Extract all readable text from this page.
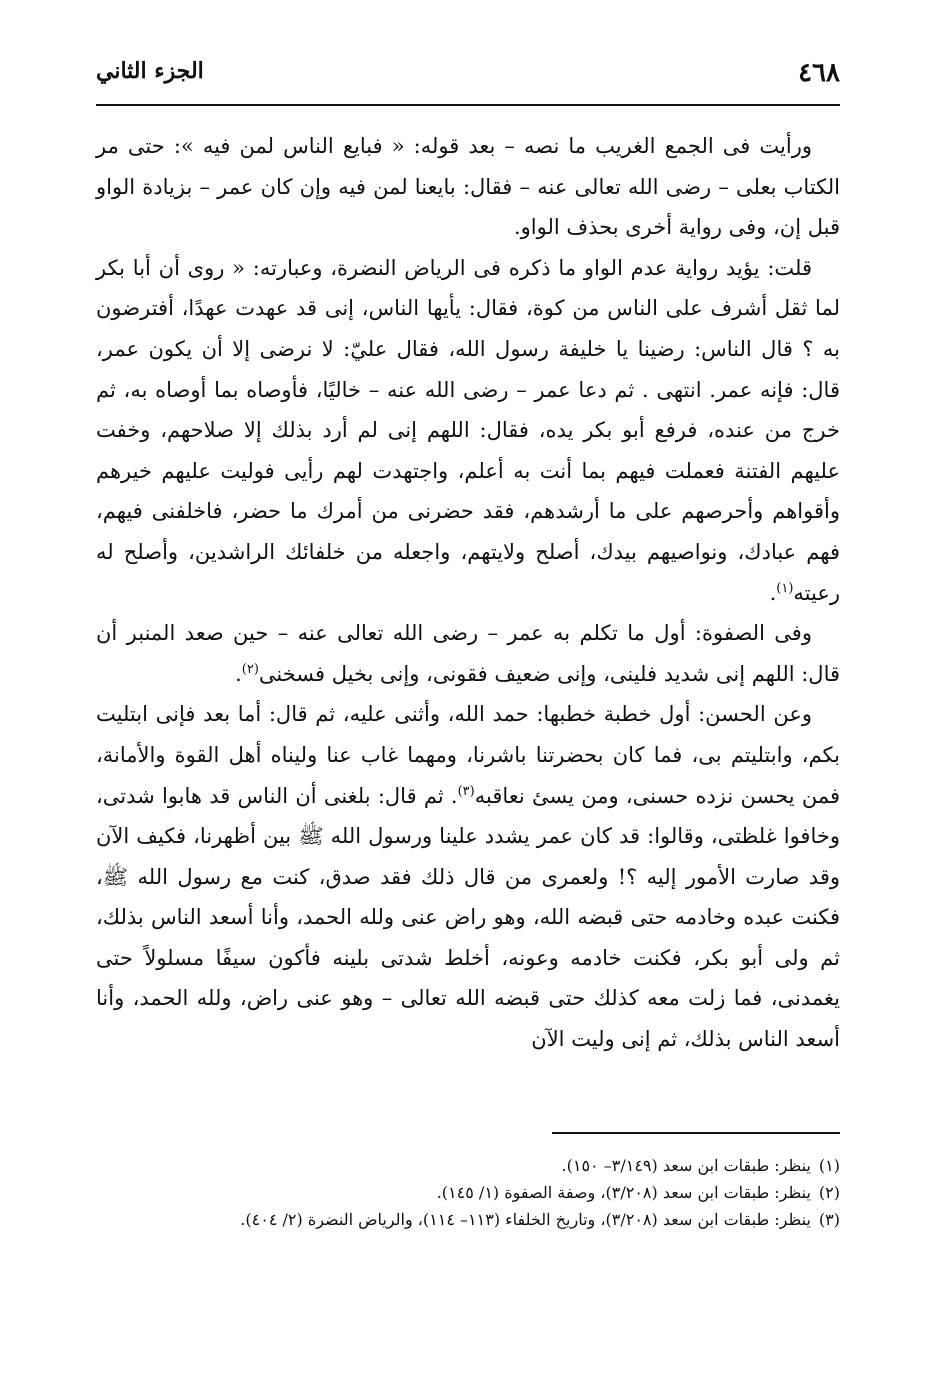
٤٦٨
الجزء الثاني

ورأيت فى الجمع الغريب ما نصه – بعد قوله: « فبايع الناس لمن فيه »: حتى مر الكتاب بعلى – رضى الله تعالى عنه – فقال: بايعنا لمن فيه وإن كان عمر – بزيادة الواو قبل إن، وفى رواية أخرى بحذف الواو.

قلت: يؤيد رواية عدم الواو ما ذكره فى الرياض النضرة، وعبارته: « روى أن أبا بكر لما ثقل أشرف على الناس من كوة، فقال: يأيها الناس، إنى قد عهدت عهدًا، أفترضون به ؟ قال الناس: رضينا يا خليفة رسول الله، فقال عليّ: لا نرضى إلا أن يكون عمر، قال: فإنه عمر. انتهى . ثم دعا عمر – رضى الله عنه – خاليًا، فأوصاه بما أوصاه به، ثم خرج من عنده، فرفع أبو بكر يده، فقال: اللهم إنى لم أرد بذلك إلا صلاحهم، وخفت عليهم الفتنة فعملت فيهم بما أنت به أعلم، واجتهدت لهم رأيى فوليت عليهم خيرهم وأقواهم وأحرصهم على ما أرشدهم، فقد حضرنى من أمرك ما حضر، فاخلفنى فيهم، فهم عبادك، ونواصيهم بيدك، أصلح ولايتهم، واجعله من خلفائك الراشدين، وأصلح له رعيته$^{(١)}$.

وفى الصفوة: أول ما تكلم به عمر – رضى الله تعالى عنه – حين صعد المنبر أن قال: اللهم إنى شديد فلينى، وإنى ضعيف فقونى، وإنى بخيل فسخنى$^{(٢)}$.

وعن الحسن: أول خطبة خطبها: حمد الله، وأثنى عليه، ثم قال: أما بعد فإنى ابتليت بكم، وابتليتم بى، فما كان بحضرتنا باشرنا، ومهما غاب عنا وليناه أهل القوة والأمانة، فمن يحسن نزده حسنى، ومن يسئ نعاقبه$^{(٣)}$. ثم قال: بلغنى أن الناس قد هابوا شدتى، وخافوا غلظتى، وقالوا: قد كان عمر يشدد علينا ورسول الله ﷺ بين أظهرنا، فكيف الآن وقد صارت الأمور إليه ؟! ولعمرى من قال ذلك فقد صدق، كنت مع رسول الله ﷺ، فكنت عبده وخادمه حتى قبضه الله، وهو راض عنى ولله الحمد، وأنا أسعد الناس بذلك، ثم ولى أبو بكر، فكنت خادمه وعونه، أخلط شدتى بلينه فأكون سيفًا مسلولاً حتى يغمدنى، فما زلت معه كذلك حتى قبضه الله تعالى – وهو عنى راض، ولله الحمد، وأنا أسعد الناس بذلك، ثم إنى وليت الآن

(١)ينظر: طبقات ابن سعد (٣/١٤٩– ١٥٠).

(٢)ينظر: طبقات ابن سعد (٣/٢٠٨)، وصفة الصفوة (١/ ١٤٥).

(٣)ينظر: طبقات ابن سعد (٣/٢٠٨)، وتاريخ الخلفاء (١١٣– ١١٤)، والرياض النضرة (٢/ ٤٠٤).
